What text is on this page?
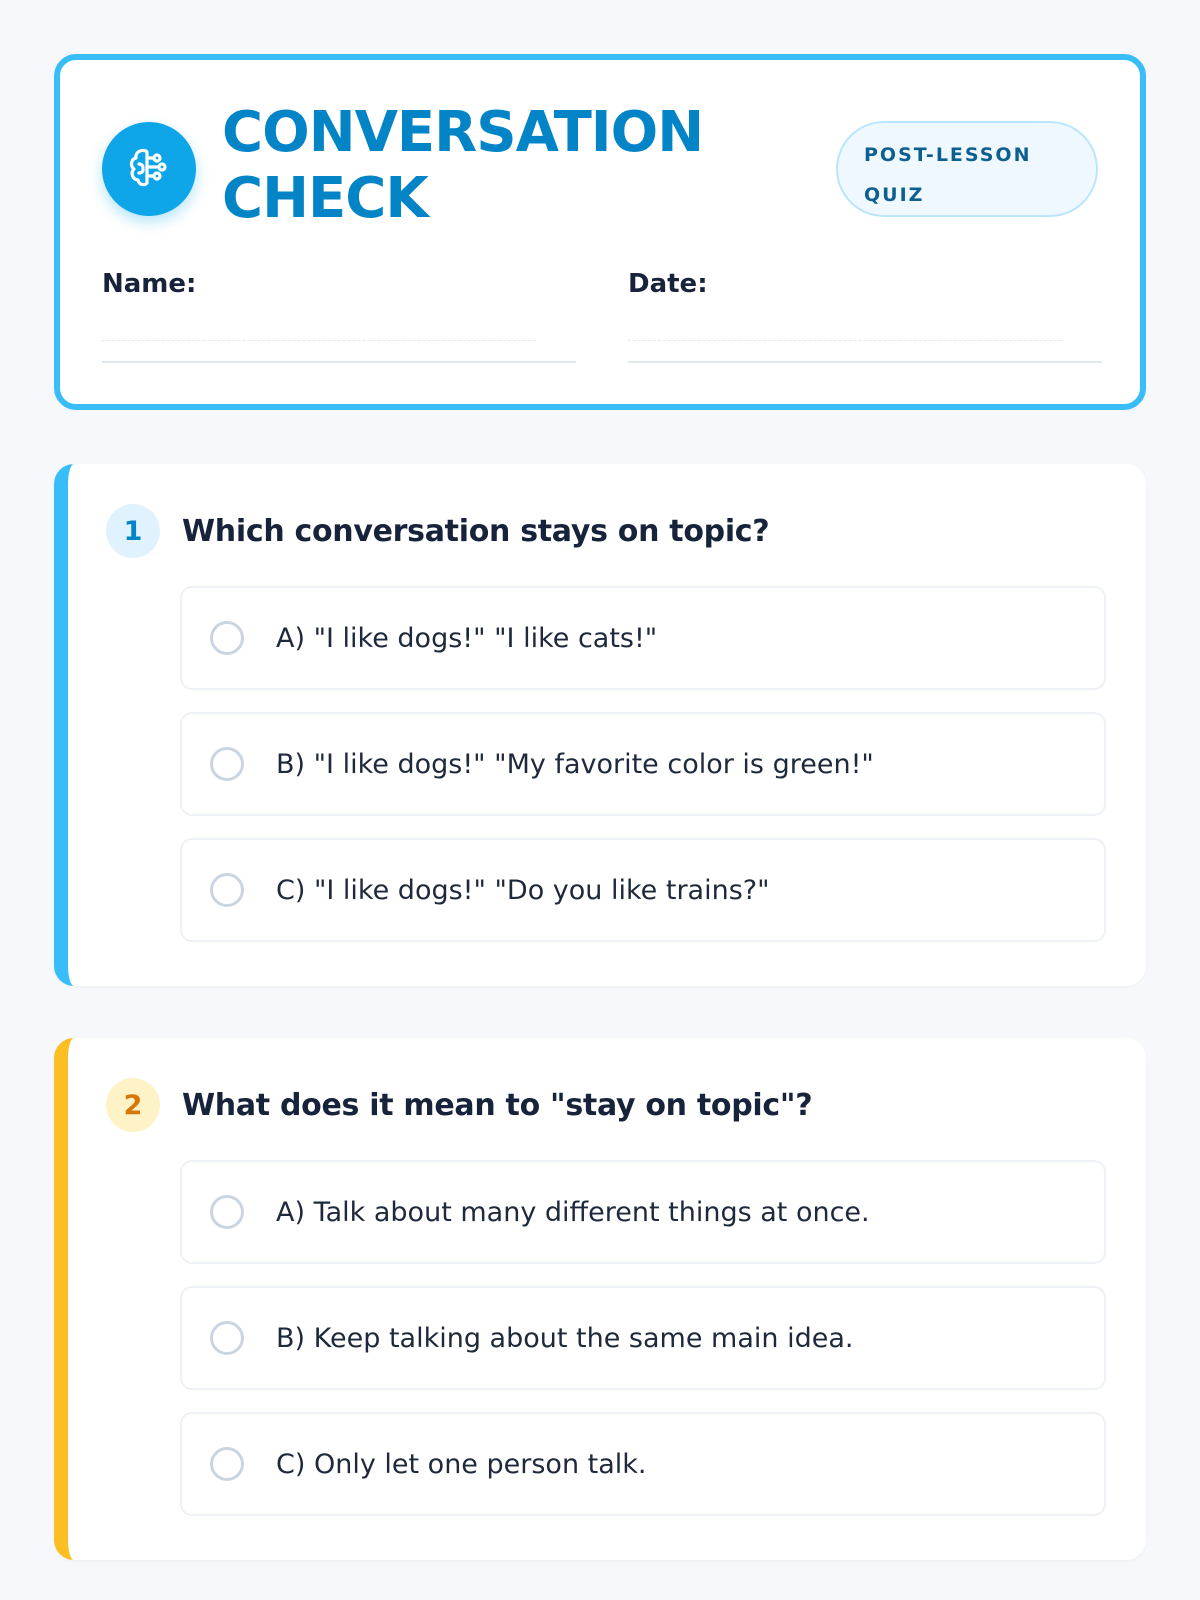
CONVERSATION
CHECK
POST-LESSON
QUIZ
Name:	Date:
1	Which conversation stays on topic?
A) "I like dogs!" "I like cats!"
B) "I like dogs!" "My favorite color is green!"
C) "I like dogs!" "Do you like trains?"
2	What does it mean to "stay on topic"?
A) Talk about many different things at once.
B) Keep talking about the same main idea.
C) Only let one person talk.
